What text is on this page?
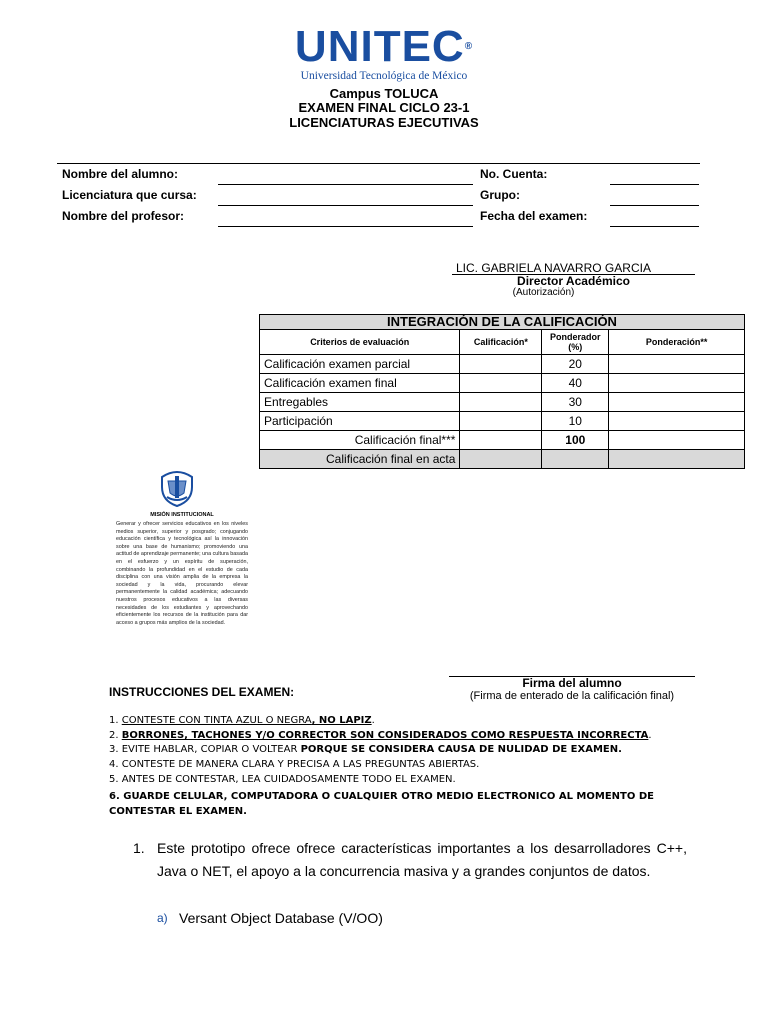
UNITEC®
Universidad Tecnológica de México
Campus TOLUCA
EXAMEN FINAL CICLO 23-1
LICENCIATURAS EJECUTIVAS
Nombre del alumno:	No. Cuenta:
Licenciatura que cursa:	Grupo:
Nombre del profesor:	Fecha del examen:
LIC. GABRIELA NAVARRO GARCIA
Director Académico
(Autorización)
INTEGRACIÓN DE LA CALIFICACIÓN			
Criterios de evaluación	Calificación*	Ponderador (%)	Ponderación**
Calificación examen parcial		20	
Calificación examen final		40	
Entregables		30	
Participación		10	
Calificación final***		100	
Calificación final en acta			
MISIÓN INSTITUCIONAL
Generar y ofrecer servicios educativos en los niveles medios superior, superior y posgrado; conjugando educación científica y tecnológica así la innovación sobre una base de humanismo; promoviendo una actitud de aprendizaje permanente; una cultura basada en el esfuerzo y un espíritu de superación, combinando la profundidad en el estudio de cada disciplina con una visión amplia de la empresa la sociedad y la vida, procurando elevar permanentemente la calidad académica; adecuando nuestros procesos educativos a las diversas necesidades de los estudiantes y aprovechando eficientemente los recursos de la institución para dar acceso a grupos más amplios de la sociedad.
Firma del alumno
(Firma de enterado de la calificación final)
INSTRUCCIONES DEL EXAMEN:
1. CONTESTE CON TINTA AZUL O NEGRA, NO LAPIZ.
2. BORRONES, TACHONES Y/O CORRECTOR SON CONSIDERADOS COMO RESPUESTA INCORRECTA.
3. EVITE HABLAR, COPIAR O VOLTEAR PORQUE SE CONSIDERA CAUSA DE NULIDAD DE EXAMEN.
4. CONTESTE DE MANERA CLARA Y PRECISA A LAS PREGUNTAS ABIERTAS.
5. ANTES DE CONTESTAR, LEA CUIDADOSAMENTE TODO EL EXAMEN.
6. GUARDE CELULAR, COMPUTADORA O CUALQUIER OTRO MEDIO ELECTRONICO AL MOMENTO DE CONTESTAR EL EXAMEN.
1. Este prototipo ofrece ofrece características importantes a los desarrolladores C++, Java o NET, el apoyo a la concurrencia masiva y a grandes conjuntos de datos.
a) Versant Object Database (V/OO)
